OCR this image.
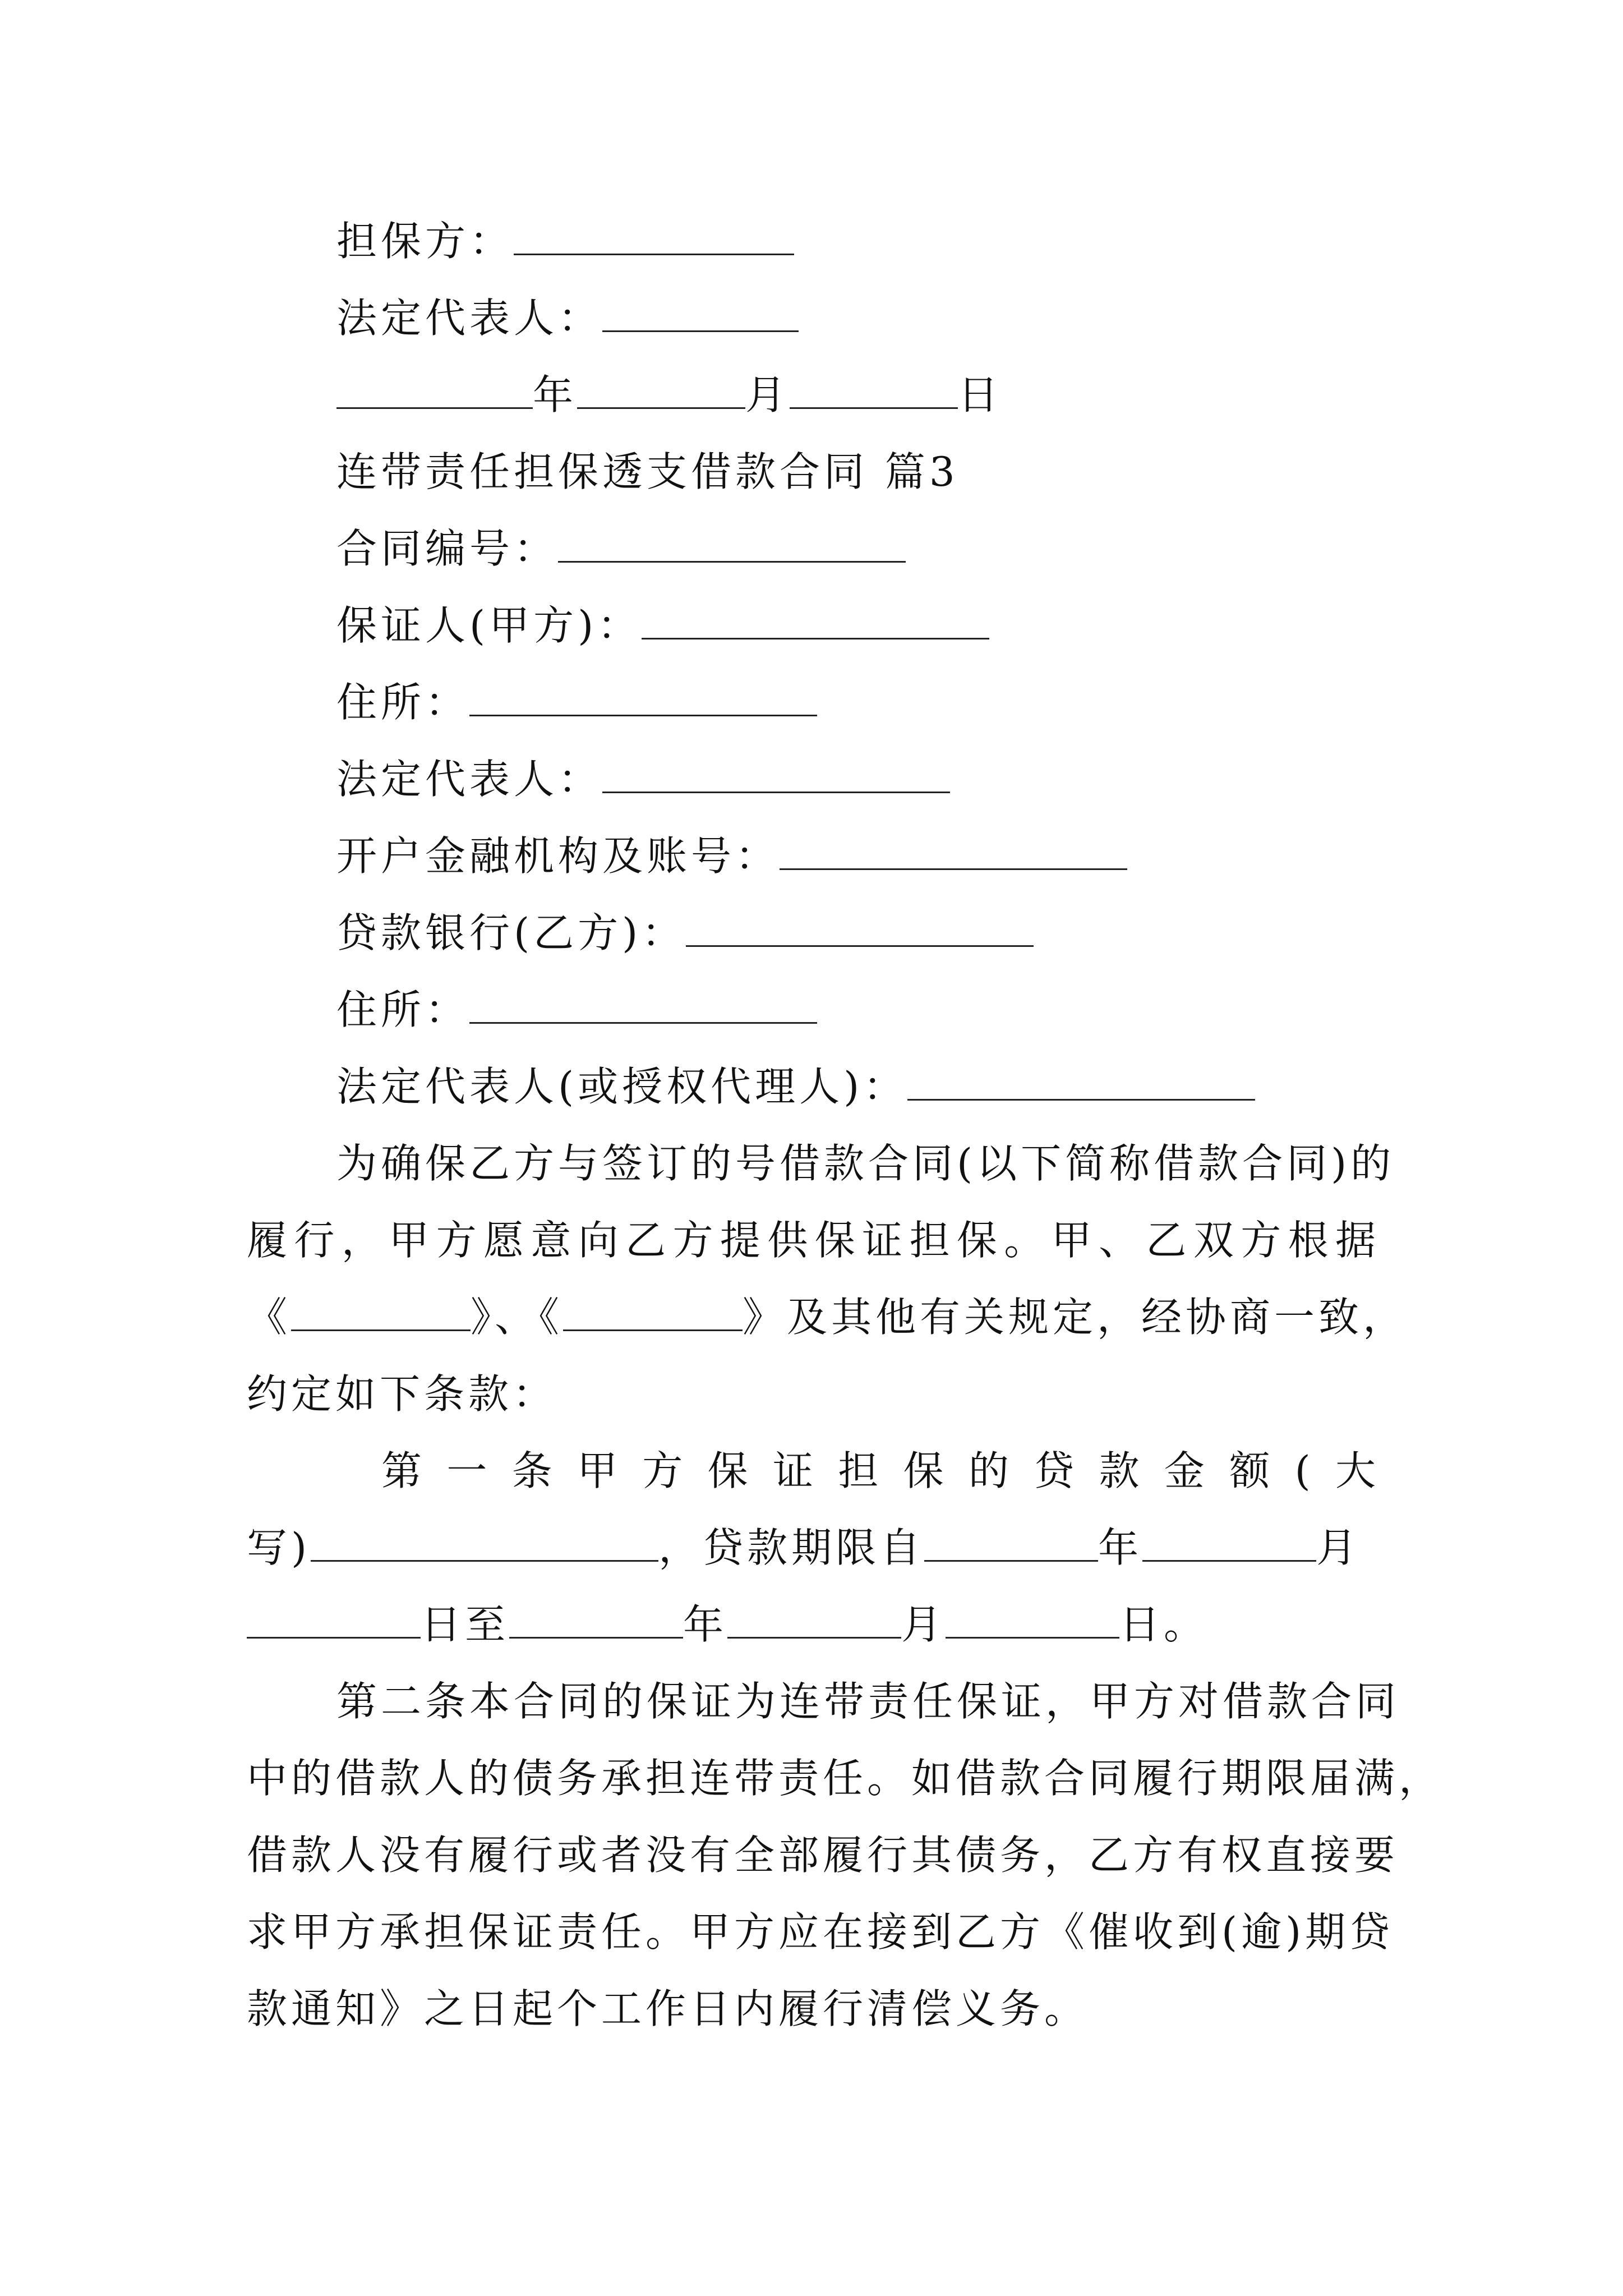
担保方：
法定代表人：
年	月	日
连带责任担保透支借款合同 篇3
合同编号：
保证人(甲方)：
住所：
法定代表人：
开户金融机构及账号：
贷款银行(乙方)：
住所：
法定代表人(或授权代理人)：
为确保乙方与签订的号借款合同(以下简称借款合同)的
履行，甲方愿意向乙方提供保证担保。甲、乙双方根据
《	》、《	》及其他有关规定，经协商一致，
约定如下条款：
第一条甲方保证担保的贷款金额(大
写)	，贷款期限自	年	月
日至	年	月	日。
第二条本合同的保证为连带责任保证，甲方对借款合同
中的借款人的债务承担连带责任。如借款合同履行期限届满，
借款人没有履行或者没有全部履行其债务，乙方有权直接要
求甲方承担保证责任。甲方应在接到乙方《催收到(逾)期贷
款通知》之日起个工作日内履行清偿义务。
